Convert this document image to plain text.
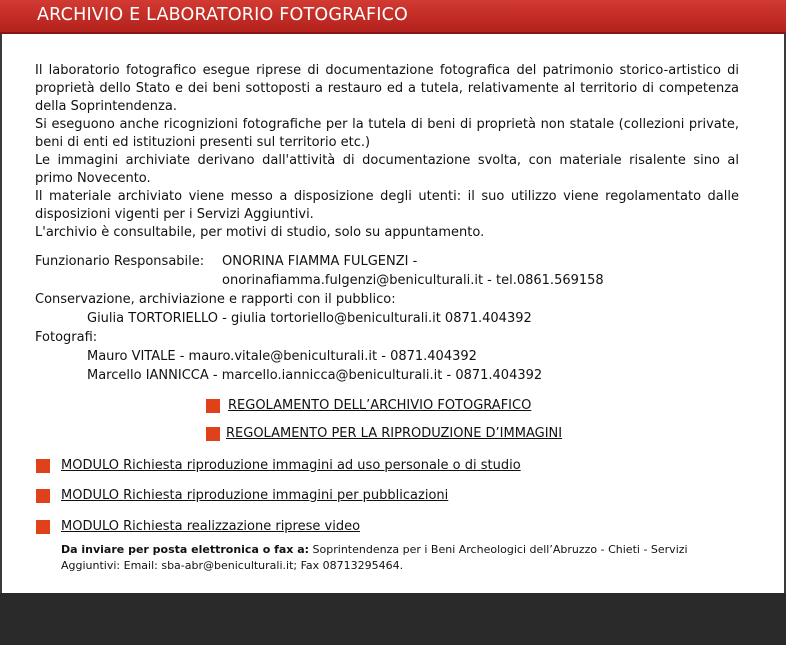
ARCHIVIO E LABORATORIO FOTOGRAFICO

Il laboratorio fotografico esegue riprese di documentazione fotografica del patrimonio storico-artistico di proprietà dello Stato e dei beni sottoposti a restauro ed a tutela, relativamente al territorio di competenza della Soprintendenza.

Si eseguono anche ricognizioni fotografiche per la tutela di beni di proprietà non statale (collezioni private, beni di enti ed istituzioni presenti sul territorio etc.)

Le immagini archiviate derivano dall'attività di documentazione svolta, con materiale risalente sino al primo Novecento.

Il materiale archiviato viene messo a disposizione degli utenti: il suo utilizzo viene regolamentato dalle disposizioni vigenti per i Servizi Aggiuntivi.

L'archivio è consultabile, per motivi di studio, solo su appuntamento.

Funzionario Responsabile: ONORINA FIAMMA FULGENZI -
onorinafiamma.fulgenzi@beniculturali.it - tel.0861.569158
Conservazione, archiviazione e rapporti con il pubblico:
Giulia TORTORIELLO - giulia tortoriello@beniculturali.it 0871.404392
Fotografi:
Mauro VITALE - mauro.vitale@beniculturali.it - 0871.404392
Marcello IANNICCA - marcello.iannicca@beniculturali.it - 0871.404392
REGOLAMENTO DELL’ARCHIVIO FOTOGRAFICO
REGOLAMENTO PER LA RIPRODUZIONE D’IMMAGINI
MODULO Richiesta riproduzione immagini ad uso personale o di studio
MODULO Richiesta riproduzione immagini per pubblicazioni
MODULO Richiesta realizzazione riprese video
Da inviare per posta elettronica o fax a: Soprintendenza per i Beni Archeologici dell’Abruzzo - Chieti - Servizi Aggiuntivi: Email: sba-abr@beniculturali.it; Fax 08713295464.
